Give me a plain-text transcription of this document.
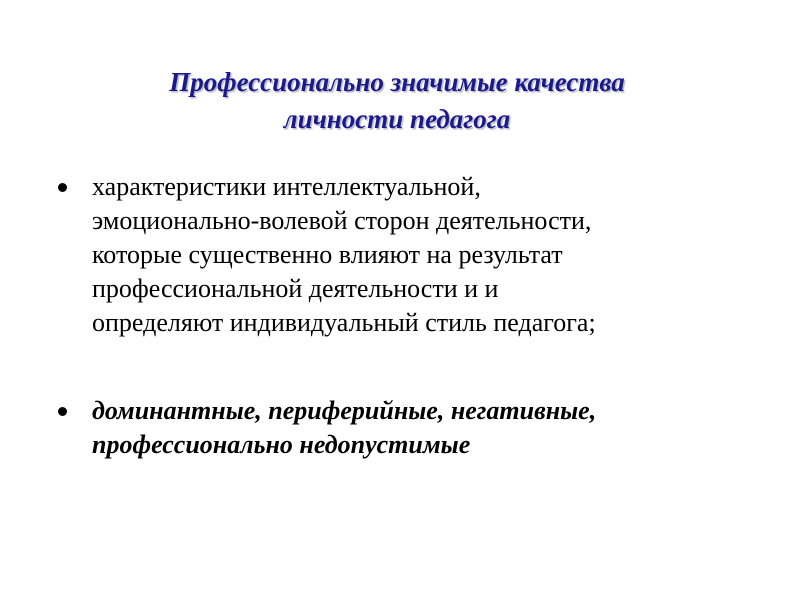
Профессионально значимые качества
личности педагога
характеристики интеллектуальной,
эмоционально-волевой сторон деятельности,
которые существенно влияют на результат
профессиональной деятельности и и
определяют индивидуальный стиль педагога;
доминантные, периферийные, негативные,
профессионально недопустимые
